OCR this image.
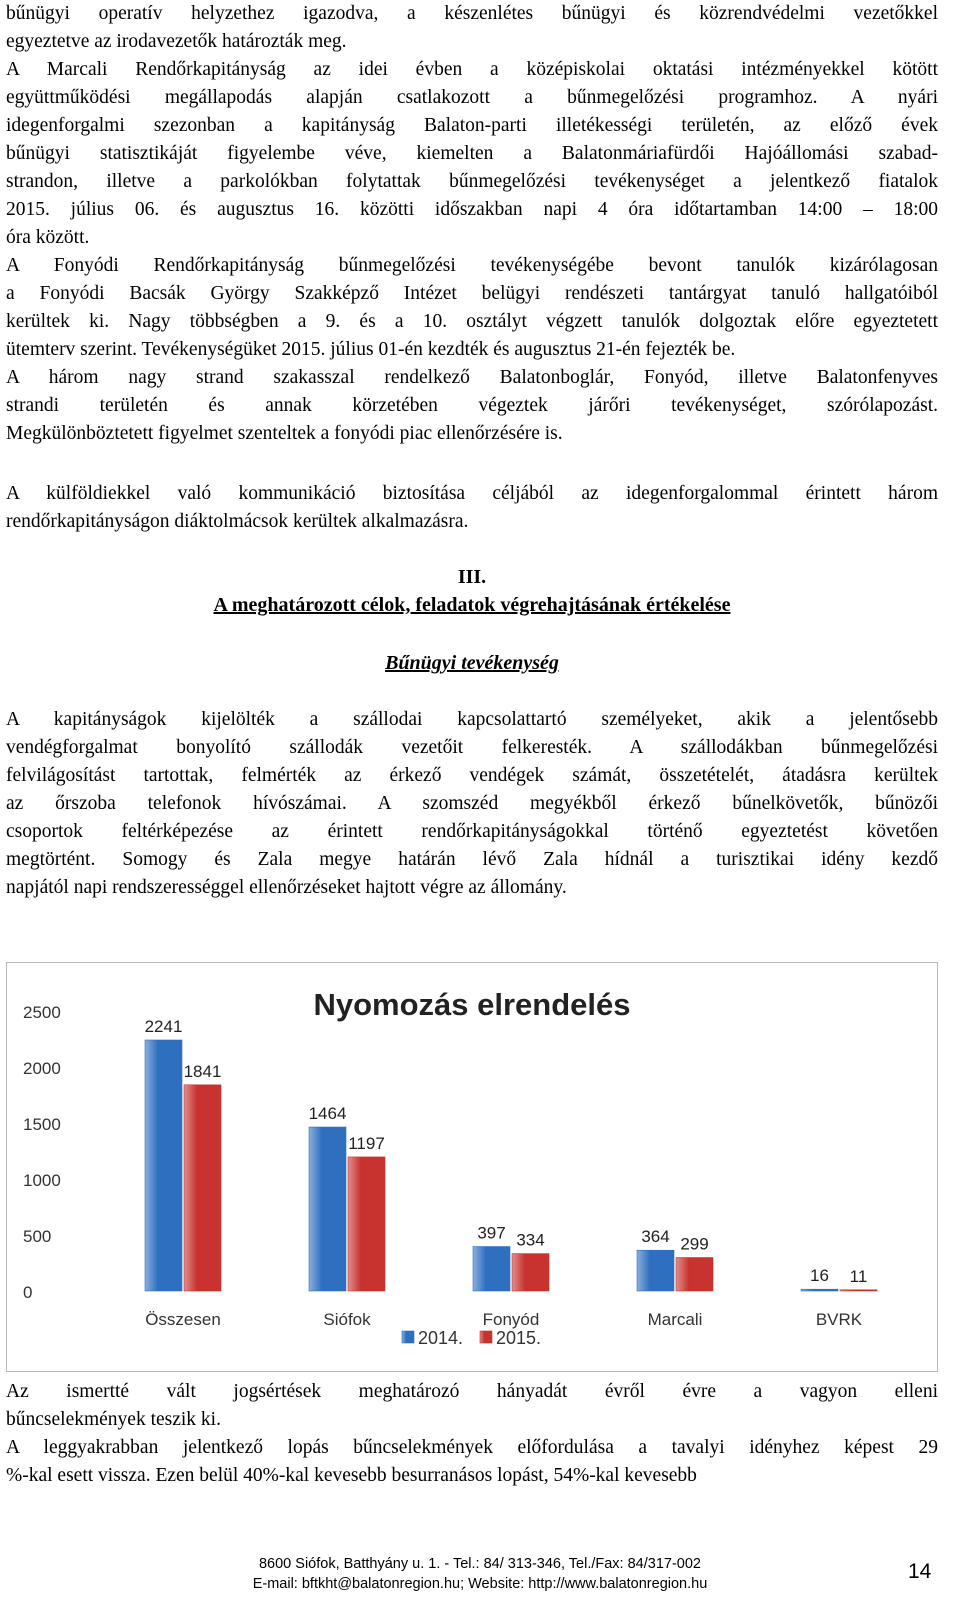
bűnügyi operatív helyzethez igazodva, a készenlétes bűnügyi és közrendvédelmi vezetőkkel
egyeztetve az irodavezetők határozták meg.
A Marcali Rendőrkapitányság az idei évben a középiskolai oktatási intézményekkel kötött
együttműködési megállapodás alapján csatlakozott a bűnmegelőzési programhoz. A nyári
idegenforgalmi szezonban a kapitányság Balaton-parti illetékességi területén, az előző évek
bűnügyi statisztikáját figyelembe véve, kiemelten a Balatonmáriafürdői Hajóállomási szabad-
strandon, illetve a parkolókban folytattak bűnmegelőzési tevékenységet a jelentkező fiatalok
2015. július 06. és augusztus 16. közötti időszakban napi 4 óra időtartamban 14:00 – 18:00
óra között.
A Fonyódi Rendőrkapitányság bűnmegelőzési tevékenységébe bevont tanulók kizárólagosan
a Fonyódi Bacsák György Szakképző Intézet belügyi rendészeti tantárgyat tanuló hallgatóiból
kerültek ki. Nagy többségben a 9. és a 10. osztályt végzett tanulók dolgoztak előre egyeztetett
ütemterv szerint. Tevékenységüket 2015. július 01-én kezdték és augusztus 21-én fejezték be.
A három nagy strand szakasszal rendelkező Balatonboglár, Fonyód, illetve Balatonfenyves
strandi területén és annak körzetében végeztek járőri tevékenységet, szórólapozást.
Megkülönböztetett figyelmet szenteltek a fonyódi piac ellenőrzésére is.
A külföldiekkel való kommunikáció biztosítása céljából az idegenforgalommal érintett három
rendőrkapitányságon diáktolmácsok kerültek alkalmazásra.
III.
A meghatározott célok, feladatok végrehajtásának értékelése
Bűnügyi tevékenység
A kapitányságok kijelölték a szállodai kapcsolattartó személyeket, akik a jelentősebb
vendégforgalmat bonyolító szállodák vezetőit felkeresték. A szállodákban bűnmegelőzési
felvilágosítást tartottak, felmérték az érkező vendégek számát, összetételét, átadásra kerültek
az őrszoba telefonok hívószámai. A szomszéd megyékből érkező bűnelkövetők, bűnözői
csoportok feltérképezése az érintett rendőrkapitányságokkal történő egyeztetést követően
megtörtént. Somogy és Zala megye határán lévő Zala hídnál a turisztikai idény kezdő
napjától napi rendszerességgel ellenőrzéseket hajtott végre az állomány.
Nyomozás elrendelés
0
500
1000
1500
2000
2500
2241
1841
Összesen
1464
1197
Siófok
397 334
Fonyód
364 299
Marcali
16 11
BVRK
2014. 2015.
Az ismertté vált jogsértések meghatározó hányadát évről évre a vagyon elleni
bűncselekmények teszik ki.
A leggyakrabban jelentkező lopás bűncselekmények előfordulása a tavalyi idényhez képest 29
%-kal esett vissza. Ezen belül 40%-kal kevesebb besurranásos lopást, 54%-kal kevesebb
8600 Siófok, Batthyány u. 1. - Tel.: 84/ 313-346, Tel./Fax: 84/317-002
E-mail: bftkht@balatonregion.hu; Website: http://www.balatonregion.hu
14
